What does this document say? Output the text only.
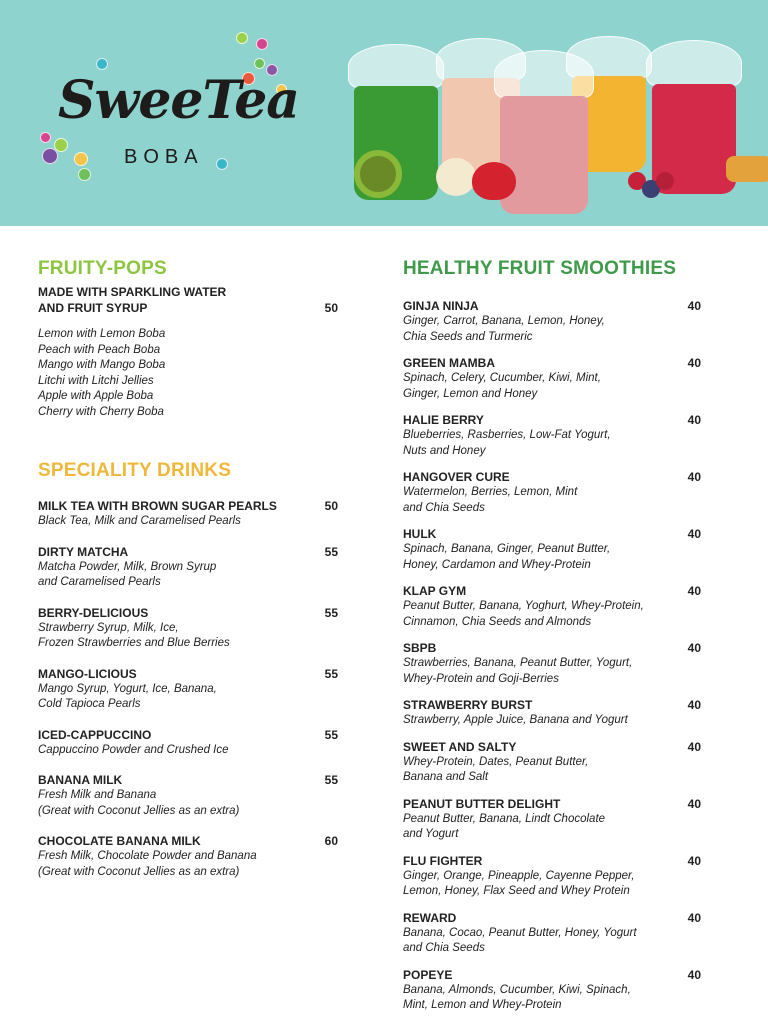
SweeTea
BOBA
FRUITY-POPS
MADE WITH SPARKLING WATER
AND FRUIT SYRUP	50
Lemon with Lemon Boba
Peach with Peach Boba
Mango with Mango Boba
Litchi with Litchi Jellies
Apple with Apple Boba
Cherry with Cherry Boba
SPECIALITY DRINKS
MILK TEA WITH BROWN SUGAR PEARLS	50
Black Tea, Milk and Caramelised Pearls
DIRTY MATCHA	55
Matcha Powder, Milk, Brown Syrup
and Caramelised Pearls
BERRY-DELICIOUS	55
Strawberry Syrup, Milk, Ice,
Frozen Strawberries and Blue Berries
MANGO-LICIOUS	55
Mango Syrup, Yogurt, Ice, Banana,
Cold Tapioca Pearls
ICED-CAPPUCCINO	55
Cappuccino Powder and Crushed Ice
BANANA MILK	55
Fresh Milk and Banana
(Great with Coconut Jellies as an extra)
CHOCOLATE BANANA MILK	60
Fresh Milk, Chocolate Powder and Banana
(Great with Coconut Jellies as an extra)
HEALTHY FRUIT SMOOTHIES
GINJA NINJA	40
Ginger, Carrot, Banana, Lemon, Honey,
Chia Seeds and Turmeric
GREEN MAMBA	40
Spinach, Celery, Cucumber, Kiwi, Mint,
Ginger, Lemon and Honey
HALIE BERRY	40
Blueberries, Rasberries, Low-Fat Yogurt,
Nuts and Honey
HANGOVER CURE	40
Watermelon, Berries, Lemon, Mint
and Chia Seeds
HULK	40
Spinach, Banana, Ginger, Peanut Butter,
Honey, Cardamon and Whey-Protein
KLAP GYM	40
Peanut Butter, Banana, Yoghurt, Whey-Protein,
Cinnamon, Chia Seeds and Almonds
SBPB	40
Strawberries, Banana, Peanut Butter, Yogurt,
Whey-Protein and Goji-Berries
STRAWBERRY BURST	40
Strawberry, Apple Juice, Banana and Yogurt
SWEET AND SALTY	40
Whey-Protein, Dates, Peanut Butter,
Banana and Salt
PEANUT BUTTER DELIGHT	40
Peanut Butter, Banana, Lindt Chocolate
and Yogurt
FLU FIGHTER	40
Ginger, Orange, Pineapple, Cayenne Pepper,
Lemon, Honey, Flax Seed and Whey Protein
REWARD	40
Banana, Cocao, Peanut Butter, Honey, Yogurt
and Chia Seeds
POPEYE	40
Banana, Almonds, Cucumber, Kiwi, Spinach,
Mint, Lemon and Whey-Protein
